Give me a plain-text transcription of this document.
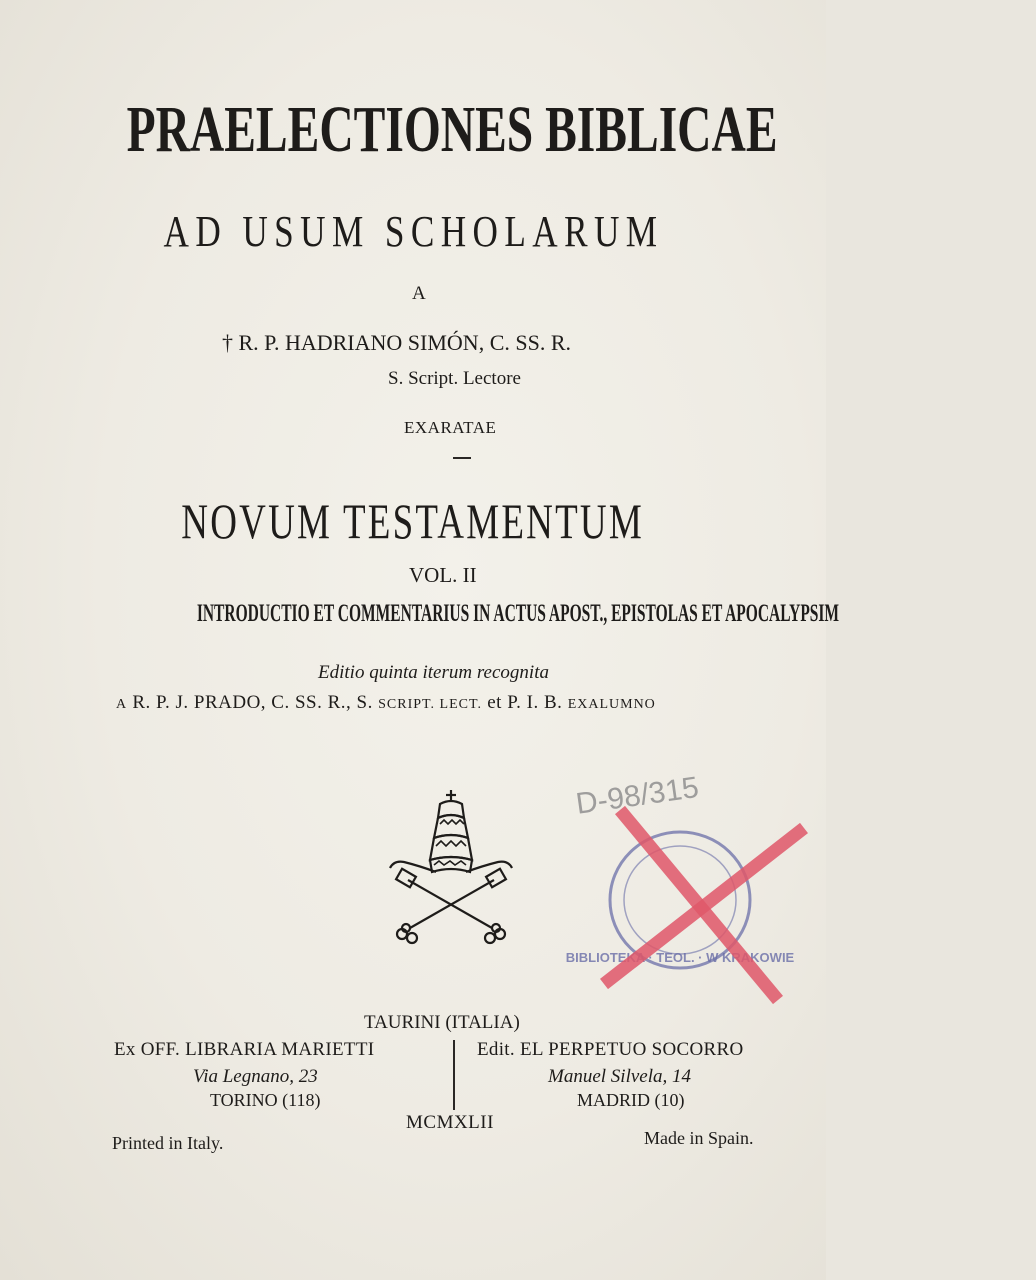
PRAELECTIONES BIBLICAE
AD USUM SCHOLARUM
A
† R. P. HADRIANO SIMÓN, C. SS. R.
S. Script. Lectore
EXARATAE
NOVUM TESTAMENTUM
VOL. II
INTRODUCTIO ET COMMENTARIUS IN ACTUS APOST., EPISTOLAS ET APOCALYPSIM
Editio quinta iterum recognita
A R. P. J. PRADO, C. SS. R., S. SCRIPT. LECT. et P. I. B. EXALUMNO
D-98/315
BIBLIOTEKA · TEOL. · W KRAKOWIE
TAURINI (ITALIA)
Ex OFF. LIBRARIA MARIETTI	Edit. EL PERPETUO SOCORRO
Via Legnano, 23	Manuel Silvela, 14
TORINO (118)	MADRID (10)
MCMXLII
Printed in Italy.	Made in Spain.
